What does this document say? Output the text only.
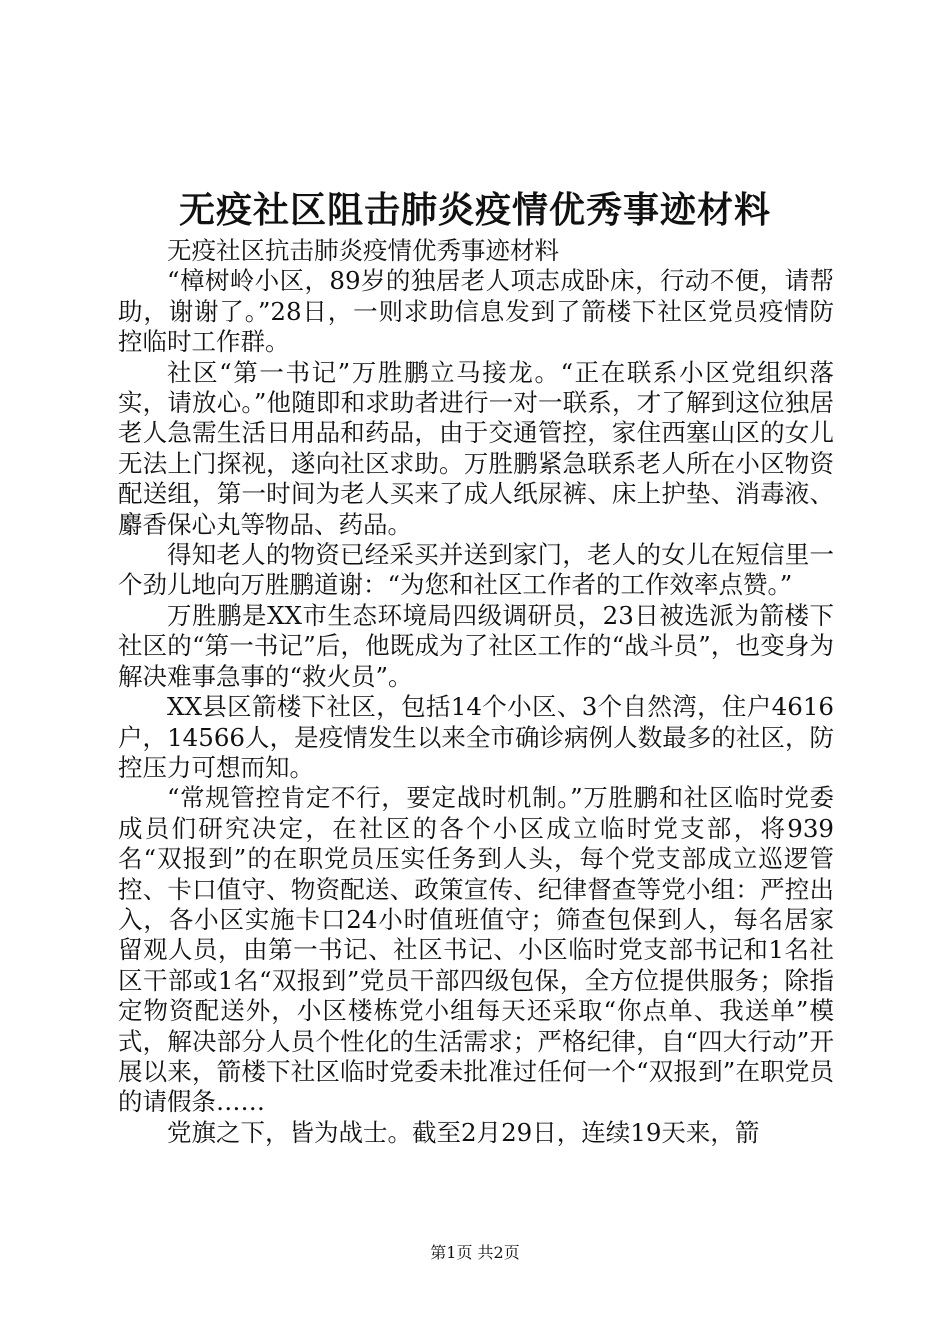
无疫社区阻击肺炎疫情优秀事迹材料

无疫社区抗击肺炎疫情优秀事迹材料

“樟树岭小区，89岁的独居老人项志成卧床，行动不便，请帮助，谢谢了。”28日，一则求助信息发到了箭楼下社区党员疫情防控临时工作群。

社区“第一书记”万胜鹏立马接龙。“正在联系小区党组织落实，请放心。”他随即和求助者进行一对一联系，才了解到这位独居老人急需生活日用品和药品，由于交通管控，家住西塞山区的女儿无法上门探视，遂向社区求助。万胜鹏紧急联系老人所在小区物资配送组，第一时间为老人买来了成人纸尿裤、床上护垫、消毒液、麝香保心丸等物品、药品。

得知老人的物资已经采买并送到家门，老人的女儿在短信里一个劲儿地向万胜鹏道谢：“为您和社区工作者的工作效率点赞。”

万胜鹏是XX市生态环境局四级调研员，23日被选派为箭楼下社区的“第一书记”后，他既成为了社区工作的“战斗员”，也变身为解决难事急事的“救火员”。

XX县区箭楼下社区，包括14个小区、3个自然湾，住户4616户，14566人，是疫情发生以来全市确诊病例人数最多的社区，防控压力可想而知。

“常规管控肯定不行，要定战时机制。”万胜鹏和社区临时党委成员们研究决定，在社区的各个小区成立临时党支部，将939名“双报到”的在职党员压实任务到人头，每个党支部成立巡逻管控、卡口值守、物资配送、政策宣传、纪律督查等党小组：严控出入，各小区实施卡口24小时值班值守；筛查包保到人，每名居家留观人员，由第一书记、社区书记、小区临时党支部书记和1名社区干部或1名“双报到”党员干部四级包保，全方位提供服务；除指定物资配送外，小区楼栋党小组每天还采取“你点单、我送单”模式，解决部分人员个性化的生活需求；严格纪律，自“四大行动”开展以来，箭楼下社区临时党委未批准过任何一个“双报到”在职党员的请假条……

党旗之下，皆为战士。截至2月29日，连续19天来，箭

第1页 共2页
